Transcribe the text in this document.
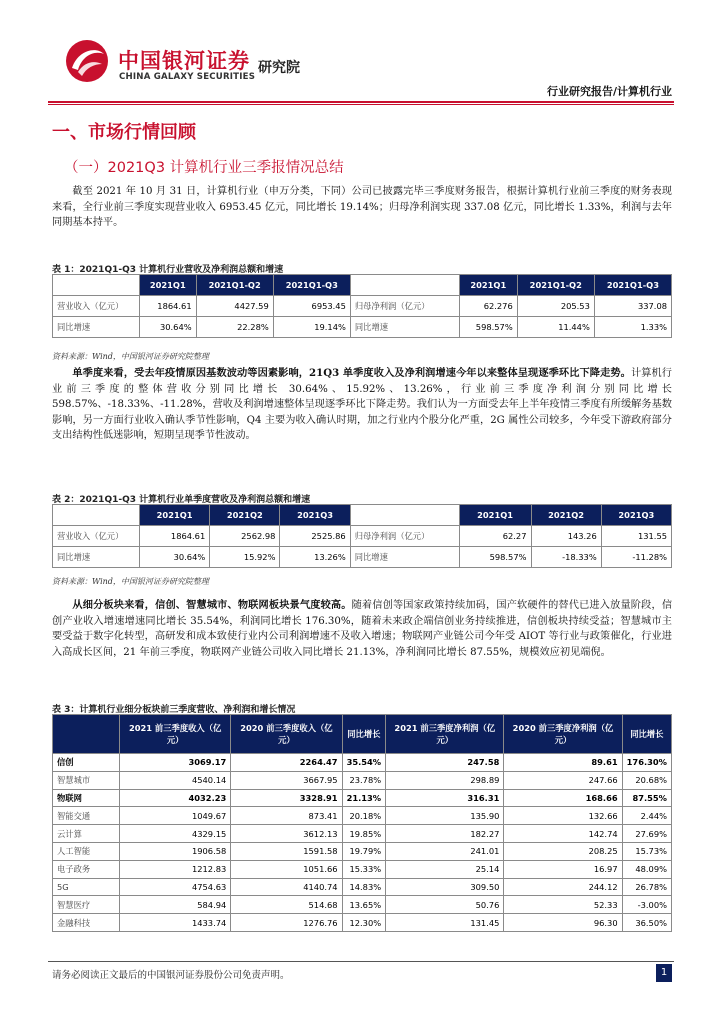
中国银河证券
CHINA GALAXY SECURITIES
研究院
行业研究报告/计算机行业
一、市场行情回顾
（一）2021Q3 计算机行业三季报情况总结
截至 2021 年 10 月 31 日，计算机行业（申万分类，下同）公司已披露完毕三季度财务报告，根据计算机行业前三季度的财务表现来看，全行业前三季度实现营业收入 6953.45 亿元，同比增长 19.14%；归母净利润实现 337.08 亿元，同比增长 1.33%，利润与去年同期基本持平。
表 1：2021Q1-Q3 计算机行业营收及净利润总额和增速
	2021Q1	2021Q1-Q2	2021Q1-Q3		2021Q1	2021Q1-Q2	2021Q1-Q3
营业收入（亿元）	1864.61	4427.59	6953.45	归母净利润（亿元）	62.276	205.53	337.08
同比增速	30.64%	22.28%	19.14%	同比增速	598.57%	11.44%	1.33%
资料来源：Wind，中国银河证券研究院整理
单季度来看，受去年疫情原因基数波动等因素影响，21Q3 单季度收入及净利润增速今年以来整体呈现逐季环比下降走势。计算机行业前三季度的整体营收分别同比增长 30.64%、15.92%、13.26%，行业前三季度净利润分别同比增长 598.57%、-18.33%、-11.28%，营收及利润增速整体呈现逐季环比下降走势。我们认为一方面受去年上半年疫情三季度有所缓解务基数影响，另一方面行业收入确认季节性影响，Q4 主要为收入确认时期，加之行业内个股分化严重，2G 属性公司较多，今年受下游政府部分支出结构性低迷影响，短期呈现季节性波动。
表 2：2021Q1-Q3 计算机行业单季度营收及净利润总额和增速
	2021Q1	2021Q2	2021Q3		2021Q1	2021Q2	2021Q3
营业收入（亿元）	1864.61	2562.98	2525.86	归母净利润（亿元）	62.27	143.26	131.55
同比增速	30.64%	15.92%	13.26%	同比增速	598.57%	-18.33%	-11.28%
资料来源：Wind，中国银河证券研究院整理
从细分板块来看，信创、智慧城市、物联网板块景气度较高。随着信创等国家政策持续加码，国产软硬件的替代已进入放量阶段，信创产业收入增速增速同比增长 35.54%，利润同比增长 176.30%，随着未来政企端信创业务持续推进，信创板块持续受益；智慧城市主要受益于数字化转型，高研发和成本致使行业内公司利润增速不及收入增速；物联网产业链公司今年受 AIOT 等行业与政策催化，行业进入高成长区间，21 年前三季度，物联网产业链公司收入同比增长 21.13%，净利润同比增长 87.55%，规模效应初见端倪。
表 3：计算机行业细分板块前三季度营收、净利润和增长情况
	2021 前三季度收入（亿元）	2020 前三季度收入（亿元）	同比增长	2021 前三季度净利润（亿元）	2020 前三季度净利润（亿元）	同比增长
信创	3069.17	2264.47	35.54%	247.58	89.61	176.30%
智慧城市	4540.14	3667.95	23.78%	298.89	247.66	20.68%
物联网	4032.23	3328.91	21.13%	316.31	168.66	87.55%
智能交通	1049.67	873.41	20.18%	135.90	132.66	2.44%
云计算	4329.15	3612.13	19.85%	182.27	142.74	27.69%
人工智能	1906.58	1591.58	19.79%	241.01	208.25	15.73%
电子政务	1212.83	1051.66	15.33%	25.14	16.97	48.09%
5G	4754.63	4140.74	14.83%	309.50	244.12	26.78%
智慧医疗	584.94	514.68	13.65%	50.76	52.33	-3.00%
金融科技	1433.74	1276.76	12.30%	131.45	96.30	36.50%
请务必阅读正文最后的中国银河证券股份公司免责声明。	1
